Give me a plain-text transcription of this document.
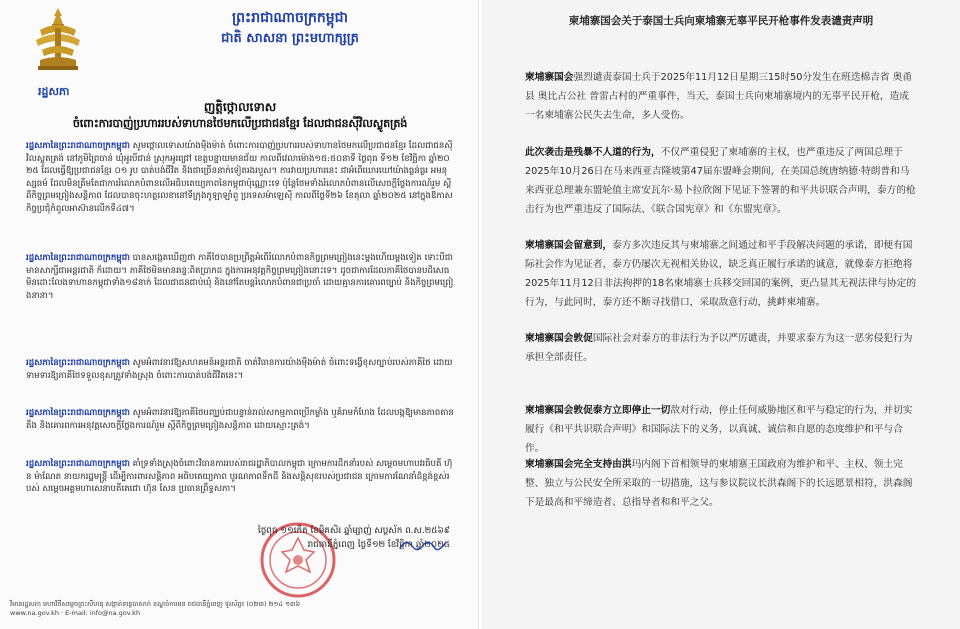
ព្រះរាជាណាចក្រកម្ពុជា
ជាតិ សាសនា ព្រះមហាក្សត្រ
រដ្ឋសភា
ញត្តិថ្កោលទោស
ចំពោះការបាញ់ប្រហាររបស់ទាហានថៃមកលើប្រជាជនខ្មែរ ដែលជាជនស៊ីវិលស្លូតត្រង់
រដ្ឋសភានៃព្រះរាជាណាចក្រកម្ពុជា សូមថ្កោលទោសយ៉ាងម៉ឺងម៉ាត់ ចំពោះការបាញ់ប្រហាររបស់ទាហានថៃមកលើប្រជាជនខ្មែរ ដែលជាជនស៊ីវិលស្លូតត្រង់ នៅភូមិព្រៃចាន់ ឃុំអូរបីជាន់ ស្រុកអូរជ្រៅ ខេត្តបន្ទាយមានជ័យ កាលពីវេលាម៉ោង១៥:៥០នាទី ថ្ងៃពុធ ទី១២ ខែវិច្ឆិកា ឆ្នាំ២០២៥ ដែលធ្វើឱ្យប្រជាជនខ្មែរ ០១ រូប បាត់បង់ជីវិត និងជាច្រើននាក់ទៀតរងរបួស។ ការវាយប្រហារនេះ ជាអំពើឃោរឃៅយ៉ាងធ្ងន់ធ្ងរ អមនុស្សធម៌ ដែលមិនត្រឹមតែជាការរំលោភបំពានលើអធិបតេយ្យភាពនៃកម្ពុជាប៉ុណ្ណោះទេ ប៉ុន្តែថែមទាំងរំលោភបំពានលើសេចក្តីថ្លែងការណ៍រួម ស្តីពីកិច្ចព្រមព្រៀងសន្តិភាព ដែលបានចុះហត្ថលេខានៅទីក្រុងកូឡាឡាំពួ ប្រទេសម៉ាឡេស៊ី កាលពីថ្ងៃទី២៦ ខែតុលា ឆ្នាំ២០២៥ នៅក្នុងឱកាសកិច្ចប្រជុំកំពូលអាស៊ានលើកទី៤៧។
រដ្ឋសភានៃព្រះរាជាណាចក្រកម្ពុជា បានសង្កេតឃើញថា ភាគីថៃបានប្រព្រឹត្តអំពើរំលោភបំពានកិច្ចព្រមព្រៀងនេះម្តងហើយម្តងទៀត ទោះបីជាមានសាក្សីជាអន្តរជាតិ ក៏ដោយ។ ភាគីថៃមិនមានឆន្ទៈពិតប្រាកដ ក្នុងការអនុវត្តកិច្ចព្រមព្រៀងនោះទេ។ ដូចជាការដែលភាគីថៃបានបដិសេធមិនដោះលែងទាហានកម្ពុជាទាំង១៨នាក់ ដែលជាជនជាប់ឃុំ និងនៅតែបន្តរំលោភបំពានជាប្រចាំ ដោយគ្មានការគោរពច្បាប់ និងកិច្ចព្រមព្រៀងនានា។
រដ្ឋសភានៃព្រះរាជាណាចក្រកម្ពុជា សូមអំពាវនាវឱ្យសហគមន៍អន្តរជាតិ ចាត់វិធានការយ៉ាងម៉ឺងម៉ាត់ ចំពោះទង្វើខុសច្បាប់របស់ភាគីថៃ ដោយទាមទារឱ្យភាគីថៃទទួលខុសត្រូវទាំងស្រុង ចំពោះការបាត់បង់ជីវិតនេះ។
រដ្ឋសភានៃព្រះរាជាណាចក្រកម្ពុជា សូមអំពាវនាវឱ្យភាគីថៃបញ្ឈប់ជាបន្ទាន់រាល់សកម្មភាពប្រើកម្លាំង ឬគំរាមកំហែង ដែលបង្កឱ្យមានភាពតានតឹង និងគោរពការអនុវត្តសេចក្តីថ្លែងការណ៍រួម ស្តីពីកិច្ចព្រមព្រៀងសន្តិភាព ដោយស្មោះត្រង់។
រដ្ឋសភានៃព្រះរាជាណាចក្រកម្ពុជា គាំទ្រទាំងស្រុងចំពោះវិធានការរបស់រាជរដ្ឋាភិបាលកម្ពុជា ក្រោមការដឹកនាំរបស់ សម្តេចមហាបវរធិបតី ហ៊ុន ម៉ាណែត នាយករដ្ឋមន្ត្រី ដើម្បីការពារសន្តិភាព អធិបតេយ្យភាព បូរណភាពទឹកដី និងសន្តិសុខរបស់ប្រជាជន ក្រោមការណែនាំដ៏ខ្ពង់ខ្ពស់របស់ សម្តេចអគ្គមហាសេនាបតីតេជោ ហ៊ុន សែន ប្រធានព្រឹទ្ធសភា។
ថ្ងៃពុធ ១១កើត ខែមិគសិរ ឆ្នាំម្សាញ់ សប្តស័ក ព.ស.២៥៦៩
រាជធានីភ្នំពេញ ថ្ងៃទី១២ ខែវិច្ឆិកា ឆ្នាំ២០២៥
វិមានរដ្ឋសភា មហាវិថីសម្តេចព្រះសីហនុ សង្កាត់ទន្លេបាសាក់ ខណ្ឌចំការមន រាជធានីភ្នំពេញ ទូរស័ព្ទ៖ (០២៣) ២១៤ ១៣៦
www.na.gov.kh · E-mail: info@na.gov.kh
柬埔寨国会关于泰国士兵向柬埔寨无辜平民开枪事件发表谴责声明
柬埔寨国会强烈谴责泰国士兵于2025年11月12日星期三15时50分发生在班迭棉吉省 奥甬县 奥比占公社 普雷占村的严重事件，当天，泰国士兵向柬埔寨境内的无辜平民开枪，造成一名柬埔寨公民失去生命，多人受伤。
此次袭击是残暴不人道的行为，不仅严重侵犯了柬埔寨的主权，也严重违反了两国总理于2025年10月26日在马来西亚吉隆坡第47届东盟峰会期间，在美国总统唐纳德·特朗普和马来西亚总理兼东盟轮值主席安瓦尔·易卜拉欣阁下见证下签署的和平共识联合声明，泰方的枪击行为也严重违反了国际法、《联合国宪章》和《东盟宪章》。
柬埔寨国会留意到，泰方多次违反其与柬埔寨之间通过和平手段解决问题的承诺，即便有国际社会作为见证者，泰方仍屡次无视相关协议，缺乏真正履行承诺的诚意，就像泰方拒绝将2025年11月12日非法拘押的18名柬埔寨士兵移交回国的案例，更凸显其无视法律与协定的行为，与此同时，泰方还不断寻找借口，采取敌意行动，挑衅柬埔寨。
柬埔寨国会敦促国际社会对泰方的非法行为予以严厉谴责，并要求泰方为这一恶劣侵犯行为承担全部责任。
柬埔寨国会敦促泰方立即停止一切敌对行动，停止任何威胁地区和平与稳定的行为，并切实履行《和平共识联合声明》和国际法下的义务，以真诚、诚信和自愿的态度维护和平与合作。
柬埔寨国会完全支持由洪玛内阁下首相领导的柬埔寨王国政府为维护和平、主权、领土完整、独立与公民安全所采取的一切措施，这与参议院议长洪森阁下的长远愿景相符，洪森阁下是最高和平缔造者、总指导者和和平之父。
